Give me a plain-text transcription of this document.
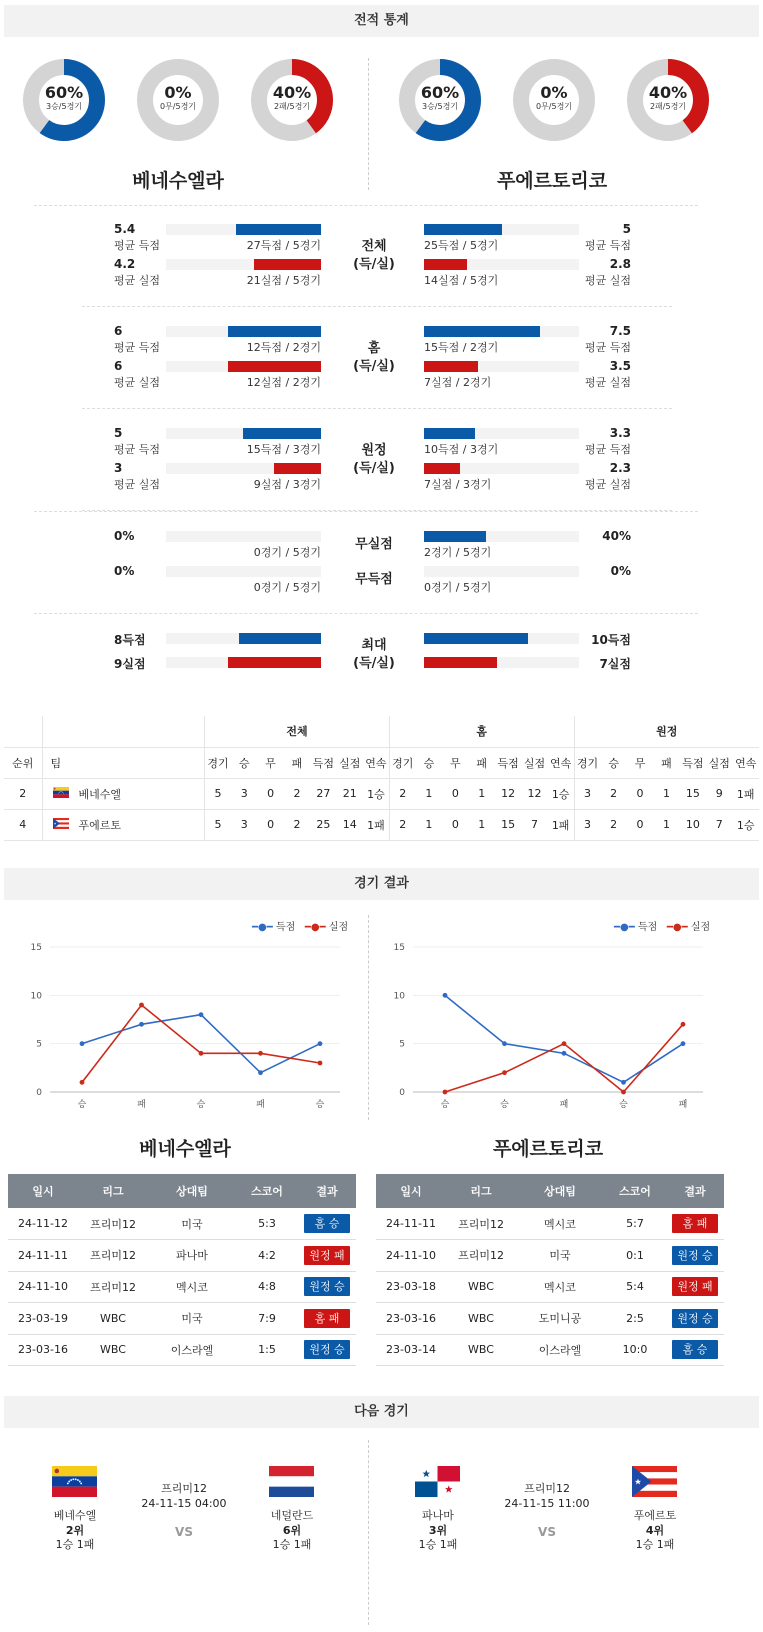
전적 통계
60%
3승/5경기
0%
0무/5경기
40%
2패/5경기
60%
3승/5경기
0%
0무/5경기
40%
2패/5경기
베네수엘라	푸에르토리코
5.4
평균 득점
5
평균 득점
27득점 / 5경기	25득점 / 5경기
4.2
평균 실점
2.8
평균 실점
21실점 / 5경기	14실점 / 5경기
전체
(득/실)
6
평균 득점
7.5
평균 득점
12득점 / 2경기	15득점 / 2경기
6
평균 실점
3.5
평균 실점
12실점 / 2경기	7실점 / 2경기
홈
(득/실)
5
평균 득점
3.3
평균 득점
15득점 / 3경기	10득점 / 3경기
3
평균 실점
2.3
평균 실점
9실점 / 3경기	7실점 / 3경기
원정
(득/실)
0%	40%
0경기 / 5경기	2경기 / 5경기
무실점
0%	0%
0경기 / 5경기	0경기 / 5경기
무득점
8득점	10득점
9실점	7실점
최대
(득/실)
		전체							홈							원정						
순위	팀	경기	승	무	패	득점	실점	연속	경기	승	무	패	득점	실점	연속	경기	승	무	패	득점	실점	연속
2	베네수엘	5	3	0	2	27	21	1승	2	1	0	1	12	12	1승	3	2	0	1	15	9	1패
4	푸에르토	5	3	0	2	25	14	1패	2	1	0	1	15	7	1패	3	2	0	1	10	7	1승
경기 결과
━●━ 득점 ━●━ 실점	━●━ 득점 ━●━ 실점
0
5
10
15
승	패	승	패	승
0
5
10
15
승	승	패	승	패
베네수엘라	푸에르토리코
일시	리그	상대팀	스코어	결과
24-11-12	프리미12	미국	5:3	홈 승
24-11-11	프리미12	파나마	4:2	원정 패
24-11-10	프리미12	멕시코	4:8	원정 승
23-03-19	WBC	미국	7:9	홈 패
23-03-16	WBC	이스라엘	1:5	원정 승
일시	리그	상대팀	스코어	결과
24-11-11	프리미12	멕시코	5:7	홈 패
24-11-10	프리미12	미국	0:1	원정 승
23-03-18	WBC	멕시코	5:4	원정 패
23-03-16	WBC	도미니공	2:5	원정 승
23-03-14	WBC	이스라엘	10:0	홈 승
다음 경기
베네수엘
2위
1승 1패
네덜란드
6위
1승 1패
프리미12
24-11-15 04:00
VS
파나마
3위
1승 1패
푸에르토
4위
1승 1패
프리미12
24-11-15 11:00
VS
